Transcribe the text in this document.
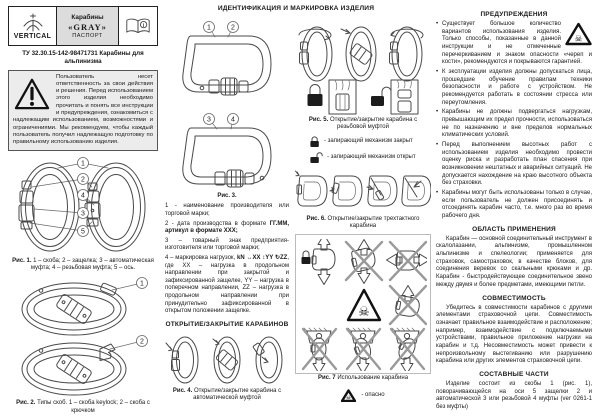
VERTICAL
Карабины
«GRAY»
ПАСПОРТ
i
ТУ 32.30.15-142-98471731 Карабины для альпинизма
Пользователь несет ответственность за свои действия и решения. Перед использованием этого изделия необходимо прочитать и понять все инструкции и предупреждения, ознакомиться с надлежащим использованием, возможностями и ограничениями. Мы рекомендуем, чтобы каждый пользователь получил надлежащую подготовку по правильному использованию изделия.
1
2
4
3
5

Рис. 1. 1 – скоба; 2 – защелка; 3 – автоматическая муфта; 4 – резьбовая муфта; 5 – ось.

1
2

Рис. 2. Типы скоб. 1 – скоба keylock; 2 – скоба с крючком

ИДЕНТИФИКАЦИЯ И МАРКИРОВКА ИЗДЕЛИЯ
1	2
3	4

Рис. 3.

1 - наименование производителя или торговой марки;

2 - дата производства в формате ГГ.ММ, артикул в формате XXX;

3 – товарный знак предприятия-изготовителя или торговой марки;

4 – маркировка нагрузок, kN ↔XX ↕YY ↻ZZ, где XX – нагрузка в продольном направлении при закрытой и зафиксированной защелке, YY – нагрузка в поперечном направлении, ZZ – нагрузка в продольном направлении при принудительно зафиксированной в открытом положении защелке.

ОТКРЫТИЕ/ЗАКРЫТИЕ КАРАБИНОВ

Рис. 4. Открытие/закрытие карабина с автоматической муфтой

Рис. 5. Открытие/закрытие карабина с резьбовой муфтой

- запирающий механизм закрыт
- запирающий механизм открыт

Рис. 6. Открытие/закрытие трехтактного карабина

☠

Рис. 7 Использование карабина

☠ - опасно
ПРЕДУПРЕЖДЕНИЯ
• ☠
Существует большое количество вариантов использования изделия. Только способы, показанные в данной инструкции и не отмеченные перечеркиванием и знаком опасности «череп и кости», рекомендуются и покрываются гарантией.
• К эксплуатации изделия должны допускаться лица, прошедшие обучение правилам техники безопасности и работе с устройством. Не рекомендуется работать в состоянии стресса или переутомления.
• Карабины не должны подвергаться нагрузкам, превышающим их предел прочности, использоваться не по назначению и вне пределов нормальных климатических условий.
• Перед выполнением высотных работ с использованием изделия необходимо провести оценку риска и разработать план спасения при возникновении нештатных и аварийных ситуаций. Не допускается нахождение на краю высотного объекта без страховки.
• Карабины могут быть использованы только в случае, если пользователь не должен присоединять и отсоединять карабин часто, т.е. много раз во время рабочего дня.
ОБЛАСТЬ ПРИМЕНЕНИЯ

Карабин — основной соединительный инструмент в скалолазании, альпинизме, промышленном альпинизме и спелеологии; применяется для страховок, самостраховок, в качестве блоков, для соединения веревок со скальными крюками и др. Карабин - быстродействующее соединительное звено между двумя и более предметами, имеющими петли.

СОВМЕСТИМОСТЬ

Убедитесь в совместимости карабинов с другими элементами страховочной цепи. Совместимость означает правильное взаимодействие и расположение; например, взаимодействие с подключаемыми устройствами, правильное приложение нагрузки на карабин и т.д. Несовместимость может привести к непроизвольному выстегиванию или разрушению карабина или других элементов страховочной цепи.

СОСТАВНЫЕ ЧАСТИ

Изделие состоит из скобы 1 (рис. 1), поворачивающейся на оси 5 защелки 2 и автоматической 3 или резьбовой 4 муфты (ver 0261-1 без муфты)
